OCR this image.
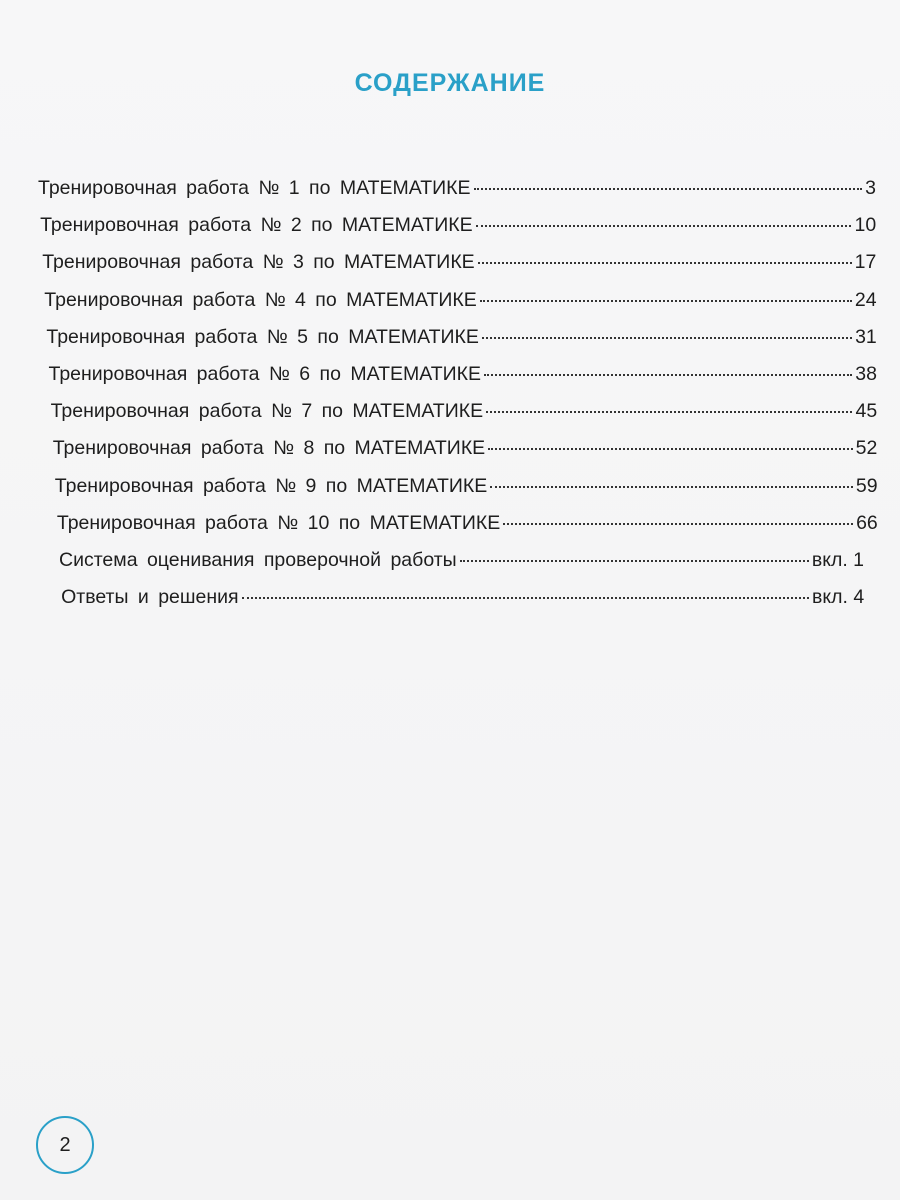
СОДЕРЖАНИЕ
Тренировочная работа № 1 по МАТЕМАТИКЕ	3
Тренировочная работа № 2 по МАТЕМАТИКЕ	10
Тренировочная работа № 3 по МАТЕМАТИКЕ	17
Тренировочная работа № 4 по МАТЕМАТИКЕ	24
Тренировочная работа № 5 по МАТЕМАТИКЕ	31
Тренировочная работа № 6 по МАТЕМАТИКЕ	38
Тренировочная работа № 7 по МАТЕМАТИКЕ	45
Тренировочная работа № 8 по МАТЕМАТИКЕ	52
Тренировочная работа № 9 по МАТЕМАТИКЕ	59
Тренировочная работа № 10 по МАТЕМАТИКЕ	66
Система оценивания проверочной работы	вкл. 1
Ответы и решения	вкл. 4
2
